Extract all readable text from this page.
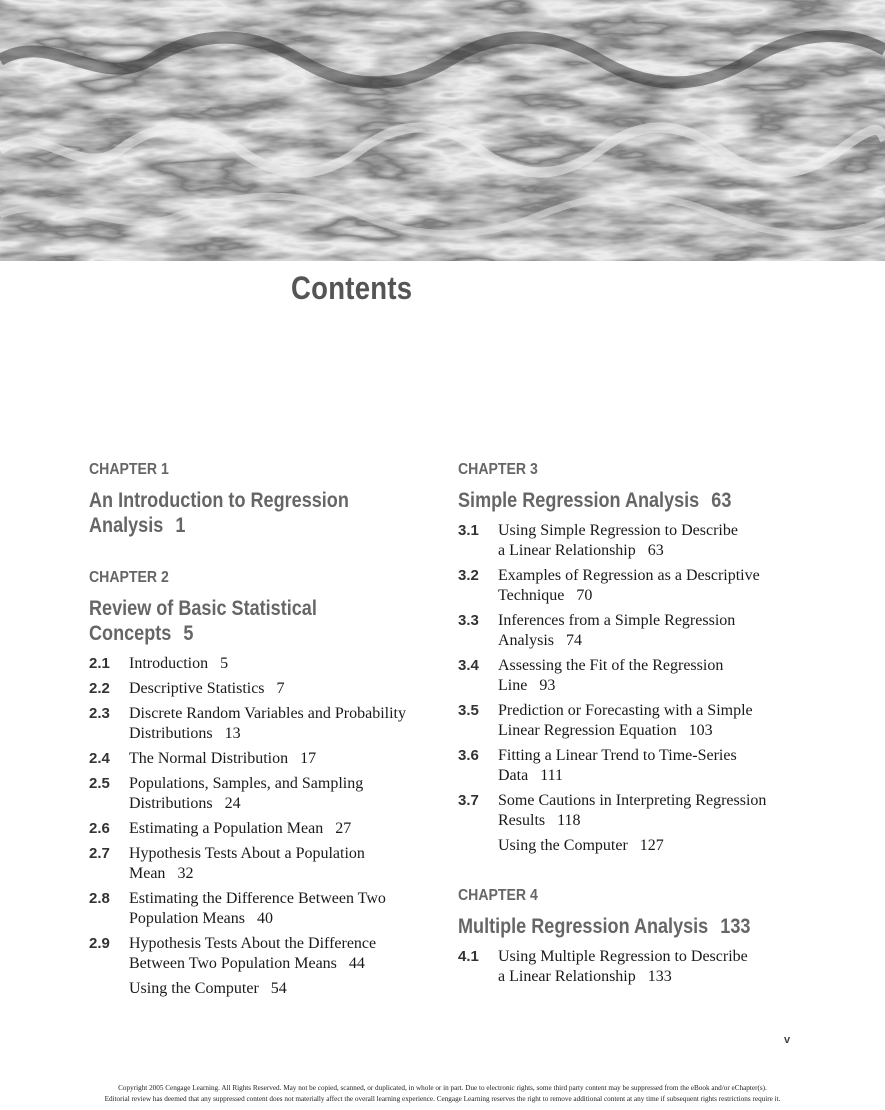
Contents
CHAPTER 1
An Introduction to Regression
Analysis 1
CHAPTER 2
Review of Basic Statistical Concepts 5
2.1	Introduction 5
2.2	Descriptive Statistics 7
2.3	Discrete Random Variables and Probability
Distributions 13
2.4	The Normal Distribution 17
2.5	Populations, Samples, and Sampling
Distributions 24
2.6	Estimating a Population Mean 27
2.7	Hypothesis Tests About a Population
Mean 32
2.8	Estimating the Difference Between Two
Population Means 40
2.9	Hypothesis Tests About the Difference
Between Two Population Means 44
Using the Computer 54
CHAPTER 3
Simple Regression Analysis 63
3.1	Using Simple Regression to Describe
a Linear Relationship 63
3.2	Examples of Regression as a Descriptive
Technique 70
3.3	Inferences from a Simple Regression
Analysis 74
3.4	Assessing the Fit of the Regression
Line 93
3.5	Prediction or Forecasting with a Simple
Linear Regression Equation 103
3.6	Fitting a Linear Trend to Time-Series
Data 111
3.7	Some Cautions in Interpreting Regression
Results 118
Using the Computer 127
CHAPTER 4
Multiple Regression Analysis 133
4.1	Using Multiple Regression to Describe
a Linear Relationship 133
v
Copyright 2005 Cengage Learning. All Rights Reserved. May not be copied, scanned, or duplicated, in whole or in part. Due to electronic rights, some third party content may be suppressed from the eBook and/or eChapter(s).
Editorial review has deemed that any suppressed content does not materially affect the overall learning experience. Cengage Learning reserves the right to remove additional content at any time if subsequent rights restrictions require it.
